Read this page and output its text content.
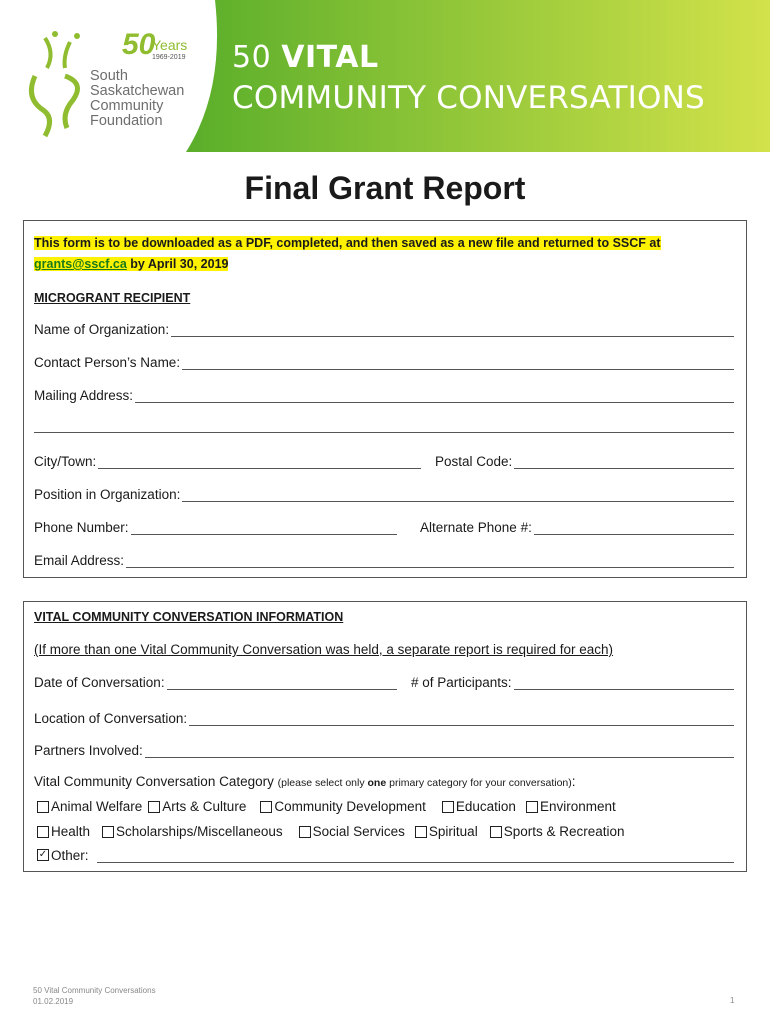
50
Years
1969-2019
South
Saskatchewan
Community
Foundation
50 VITAL
COMMUNITY CONVERSATIONS
Final Grant Report
This form is to be downloaded as a PDF, completed, and then saved as a new file and returned to SSCF at grants@sscf.ca by April 30, 2019
MICROGRANT RECIPIENT
Name of Organization:
Contact Person’s Name:
Mailing Address:
City/Town:	Postal Code:
Position in Organization:
Phone Number:	Alternate Phone #:
Email Address:
VITAL COMMUNITY CONVERSATION INFORMATION
(If more than one Vital Community Conversation was held, a separate report is required for each)
Date of Conversation:	# of Participants:
Location of Conversation:
Partners Involved:
Vital Community Conversation Category (please select only one primary category for your conversation):
Animal Welfare Arts & Culture Community Development Education Environment
Health Scholarships/Miscellaneous Social Services Spiritual Sports & Recreation
✓ Other:
50 Vital Community Conversations
01.02.2019	1
